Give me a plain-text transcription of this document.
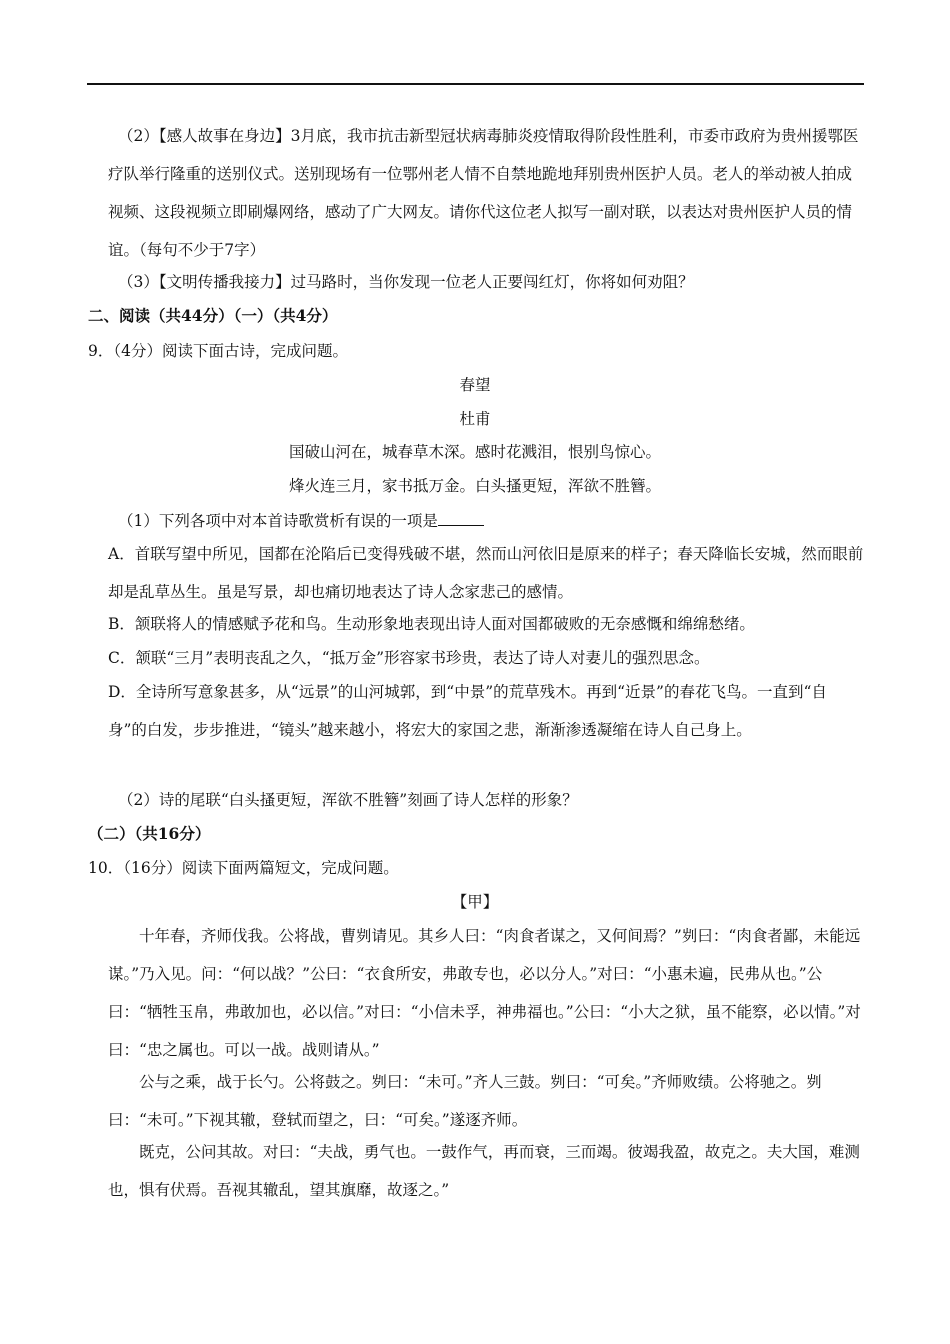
（2）【感人故事在身边】3月底，我市抗击新型冠状病毒肺炎疫情取得阶段性胜利，市委市政府为贵州援鄂医疗队举行隆重的送别仪式。送别现场有一位鄂州老人情不自禁地跪地拜别贵州医护人员。老人的举动被人拍成视频、这段视频立即刷爆网络，感动了广大网友。请你代这位老人拟写一副对联，以表达对贵州医护人员的情谊。（每句不少于7字）

（3）【文明传播我接力】过马路时，当你发现一位老人正要闯红灯，你将如何劝阻？

二、阅读（共44分）（一）（共4分）

9．（4分）阅读下面古诗，完成问题。

春望

杜甫

国破山河在，城春草木深。感时花溅泪，恨别鸟惊心。

烽火连三月，家书抵万金。白头搔更短，浑欲不胜簪。

（1）下列各项中对本首诗歌赏析有误的一项是

A．首联写望中所见，国都在沦陷后已变得残破不堪，然而山河依旧是原来的样子；春天降临长安城，然而眼前却是乱草丛生。虽是写景，却也痛切地表达了诗人念家悲己的感情。

B．颔联将人的情感赋予花和鸟。生动形象地表现出诗人面对国都破败的无奈感慨和绵绵愁绪。

C．颔联“三月”表明丧乱之久，“抵万金”形容家书珍贵，表达了诗人对妻儿的强烈思念。

D．全诗所写意象甚多，从“远景”的山河城郭，到“中景”的荒草残木。再到“近景”的春花飞鸟。一直到“自身”的白发，步步推进，“镜头”越来越小，将宏大的家国之悲，渐渐渗透凝缩在诗人自己身上。

（2）诗的尾联“白头搔更短，浑欲不胜簪”刻画了诗人怎样的形象？

（二）（共16分）

10．（16分）阅读下面两篇短文，完成问题。

【甲】

十年春，齐师伐我。公将战，曹刿请见。其乡人曰：“肉食者谋之，又何间焉？”刿曰：“肉食者鄙，未能远谋。”乃入见。问：“何以战？”公曰：“衣食所安，弗敢专也，必以分人。”对曰：“小惠未遍，民弗从也。”公曰：“牺牲玉帛，弗敢加也，必以信。”对曰：“小信未孚，神弗福也。”公曰：“小大之狱，虽不能察，必以情。”对曰：“忠之属也。可以一战。战则请从。”

公与之乘，战于长勺。公将鼓之。刿曰：“未可。”齐人三鼓。刿曰：“可矣。”齐师败绩。公将驰之。刿曰：“未可。”下视其辙，登轼而望之，曰：“可矣。”遂逐齐师。

既克，公问其故。对曰：“夫战，勇气也。一鼓作气，再而衰，三而竭。彼竭我盈，故克之。夫大国，难测也，惧有伏焉。吾视其辙乱，望其旗靡，故逐之。”
